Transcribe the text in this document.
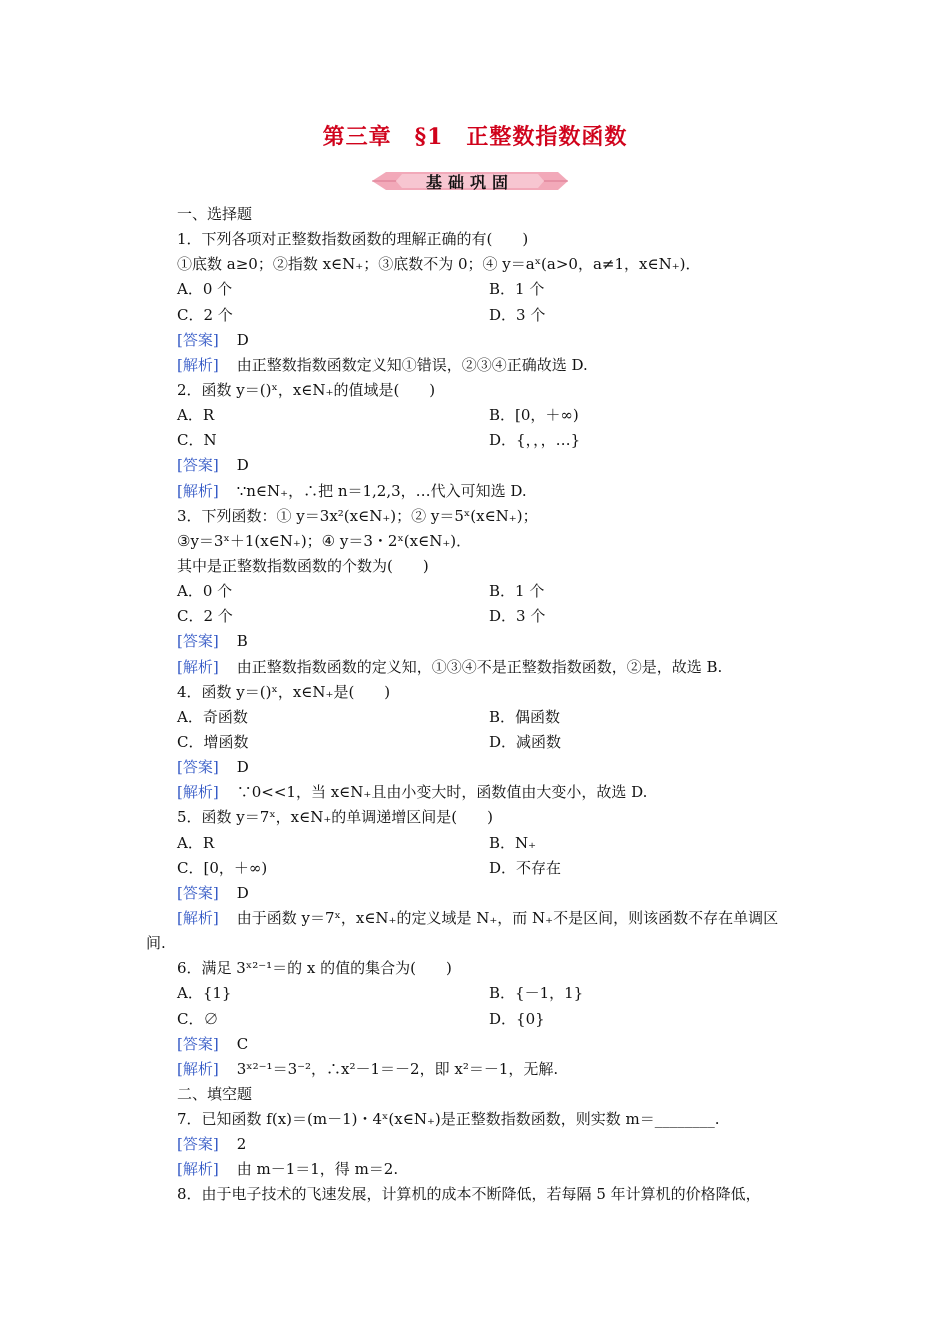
第三章　§1　正整数指数函数
基础巩固
一、选择题
1．下列各项对正整数指数函数的理解正确的有(　　)
①底数 a≥0；②指数 x∈N₊；③底数不为 0；④ y＝aˣ(a>0，a≠1，x∈N₊)．
A．0 个	B．1 个
C．2 个	D．3 个
[答案] D
[解析] 由正整数指数函数定义知①错误，②③④正确故选 D.
2．函数 y＝()ˣ，x∈N₊的值域是(　　)
A．R	B．[0，＋∞)
C．N	D．{，，，…}
[答案] D
[解析] ∵n∈N₊，∴把 n＝1,2,3，…代入可知选 D.
3．下列函数：① y＝3x²(x∈N₊)；② y＝5ˣ(x∈N₊)；
③y＝3ˣ＋1(x∈N₊)；④ y＝3・2ˣ(x∈N₊)．
其中是正整数指数函数的个数为(　　)
A．0 个	B．1 个
C．2 个	D．3 个
[答案] B
[解析] 由正整数指数函数的定义知，①③④不是正整数指数函数，②是，故选 B.
4．函数 y＝()ˣ，x∈N₊是(　　)
A．奇函数	B．偶函数
C．增函数	D．减函数
[答案] D
[解析] ∵0<<1，当 x∈N₊且由小变大时，函数值由大变小，故选 D.
5．函数 y＝7ˣ，x∈N₊的单调递增区间是(　　)
A．R	B．N₊
C．[0，＋∞)	D．不存在
[答案] D
[解析] 由于函数 y＝7ˣ，x∈N₊的定义域是 N₊，而 N₊不是区间，则该函数不存在单调区
间.
6．满足 3ˣ²⁻¹＝的 x 的值的集合为(　　)
A．{1}	B．{－1，1}
C．∅	D．{0}
[答案] C
[解析] 3ˣ²⁻¹＝3⁻²，∴x²－1＝－2，即 x²＝－1，无解.
二、填空题
7．已知函数 f(x)＝(m－1)・4ˣ(x∈N₊)是正整数指数函数，则实数 m＝________.
[答案] 2
[解析] 由 m－1＝1，得 m＝2.
8．由于电子技术的飞速发展，计算机的成本不断降低，若每隔 5 年计算机的价格降低，
